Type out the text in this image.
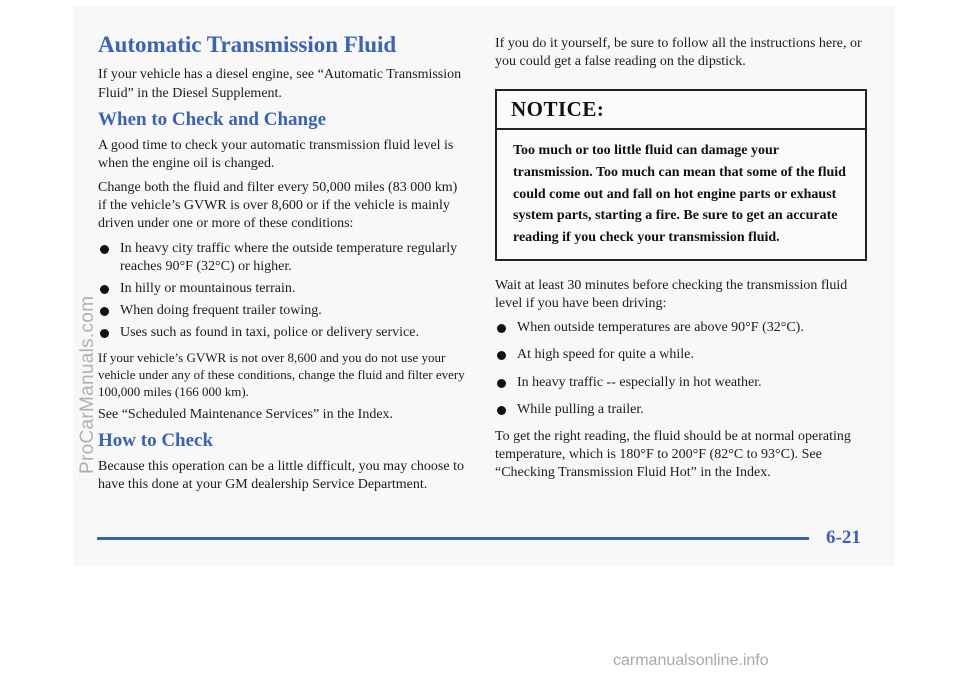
Automatic Transmission Fluid

If your vehicle has a diesel engine, see “Automatic Transmission Fluid” in the Diesel Supplement.

When to Check and Change

A good time to check your automatic transmission fluid level is when the engine oil is changed.

Change both the fluid and filter every 50,000 miles (83 000 km) if the vehicle’s GVWR is over 8,600 or if the vehicle is mainly driven under one or more of these conditions:

In heavy city traffic where the outside temperature regularly reaches 90°F (32°C) or higher.
In hilly or mountainous terrain.
When doing frequent trailer towing.
Uses such as found in taxi, police or delivery service.

If your vehicle’s GVWR is not over 8,600 and you do not use your vehicle under any of these conditions, change the fluid and filter every 100,000 miles (166 000 km).

See “Scheduled Maintenance Services” in the Index.

How to Check

Because this operation can be a little difficult, you may choose to have this done at your GM dealership Service Department.

If you do it yourself, be sure to follow all the instructions here, or you could get a false reading on the dipstick.

NOTICE:
Too much or too little fluid can damage your transmission. Too much can mean that some of the fluid could come out and fall on hot engine parts or exhaust system parts, starting a fire. Be sure to get an accurate reading if you check your transmission fluid.

Wait at least 30 minutes before checking the transmission fluid level if you have been driving:

When outside temperatures are above 90°F (32°C).
At high speed for quite a while.
In heavy traffic -- especially in hot weather.
While pulling a trailer.

To get the right reading, the fluid should be at normal operating temperature, which is 180°F to 200°F (82°C to 93°C). See “Checking Transmission Fluid Hot” in the Index.

6-21
ProCarManuals.com
carmanualsonline.info
